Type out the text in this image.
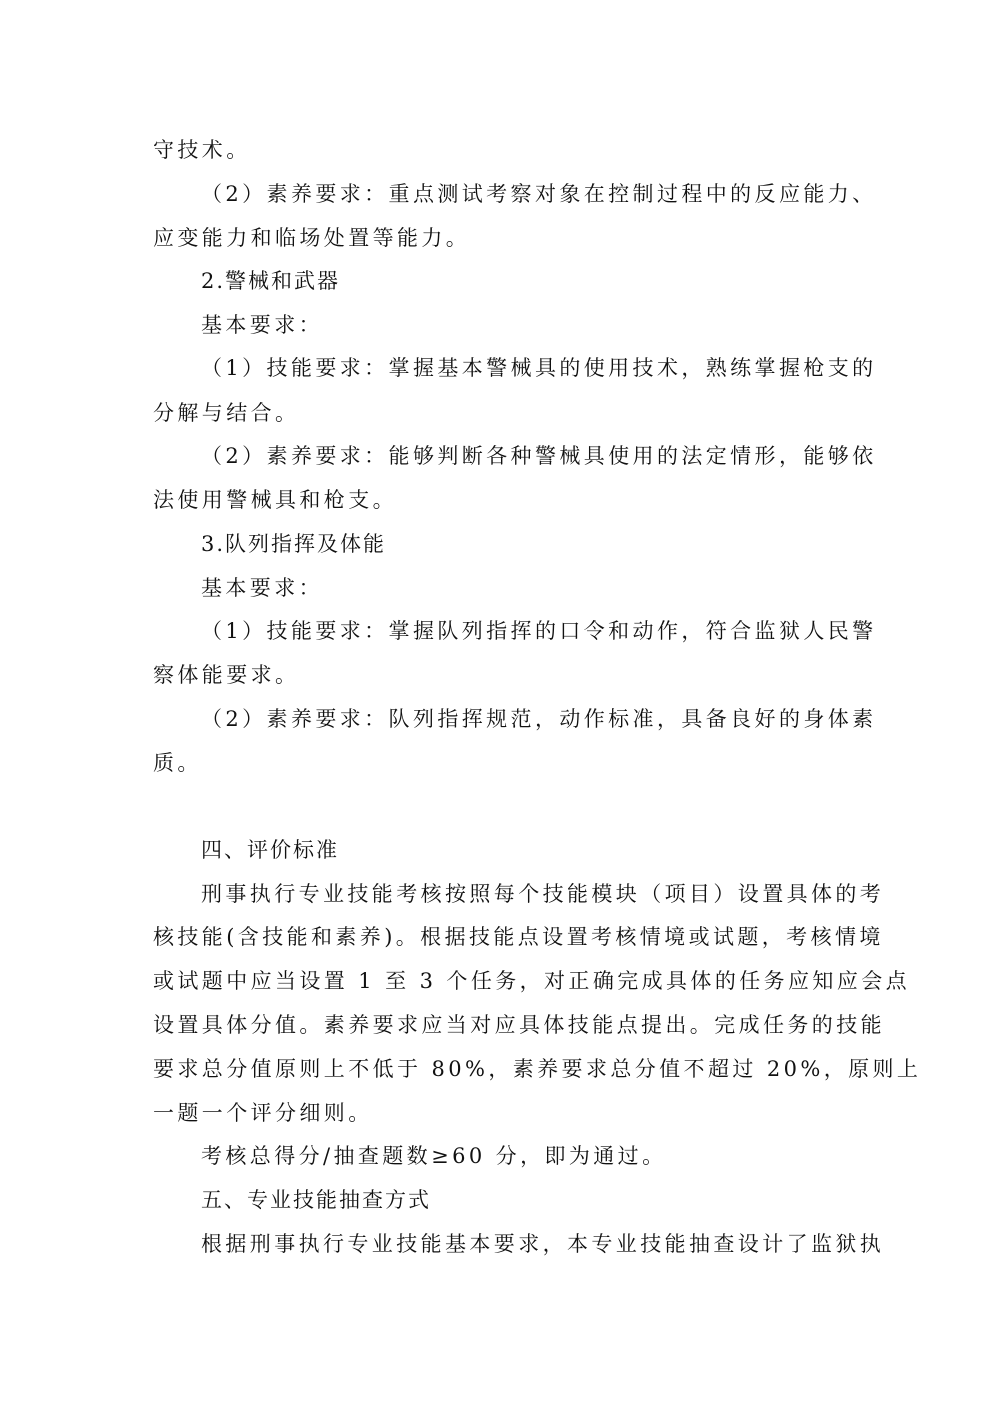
守技术。
（2）素养要求：重点测试考察对象在控制过程中的反应能力、
应变能力和临场处置等能力。
2.警械和武器
基本要求：
（1）技能要求：掌握基本警械具的使用技术，熟练掌握枪支的
分解与结合。
（2）素养要求：能够判断各种警械具使用的法定情形，能够依
法使用警械具和枪支。
3.队列指挥及体能
基本要求：
（1）技能要求：掌握队列指挥的口令和动作，符合监狱人民警
察体能要求。
（2）素养要求：队列指挥规范，动作标准，具备良好的身体素
质。
四、评价标准
刑事执行专业技能考核按照每个技能模块（项目）设置具体的考
核技能(含技能和素养)。根据技能点设置考核情境或试题，考核情境
或试题中应当设置 1 至 3 个任务，对正确完成具体的任务应知应会点
设置具体分值。素养要求应当对应具体技能点提出。完成任务的技能
要求总分值原则上不低于 80%，素养要求总分值不超过 20%，原则上
一题一个评分细则。
考核总得分/抽查题数≥60 分，即为通过。
五、专业技能抽查方式
根据刑事执行专业技能基本要求，本专业技能抽查设计了监狱执
